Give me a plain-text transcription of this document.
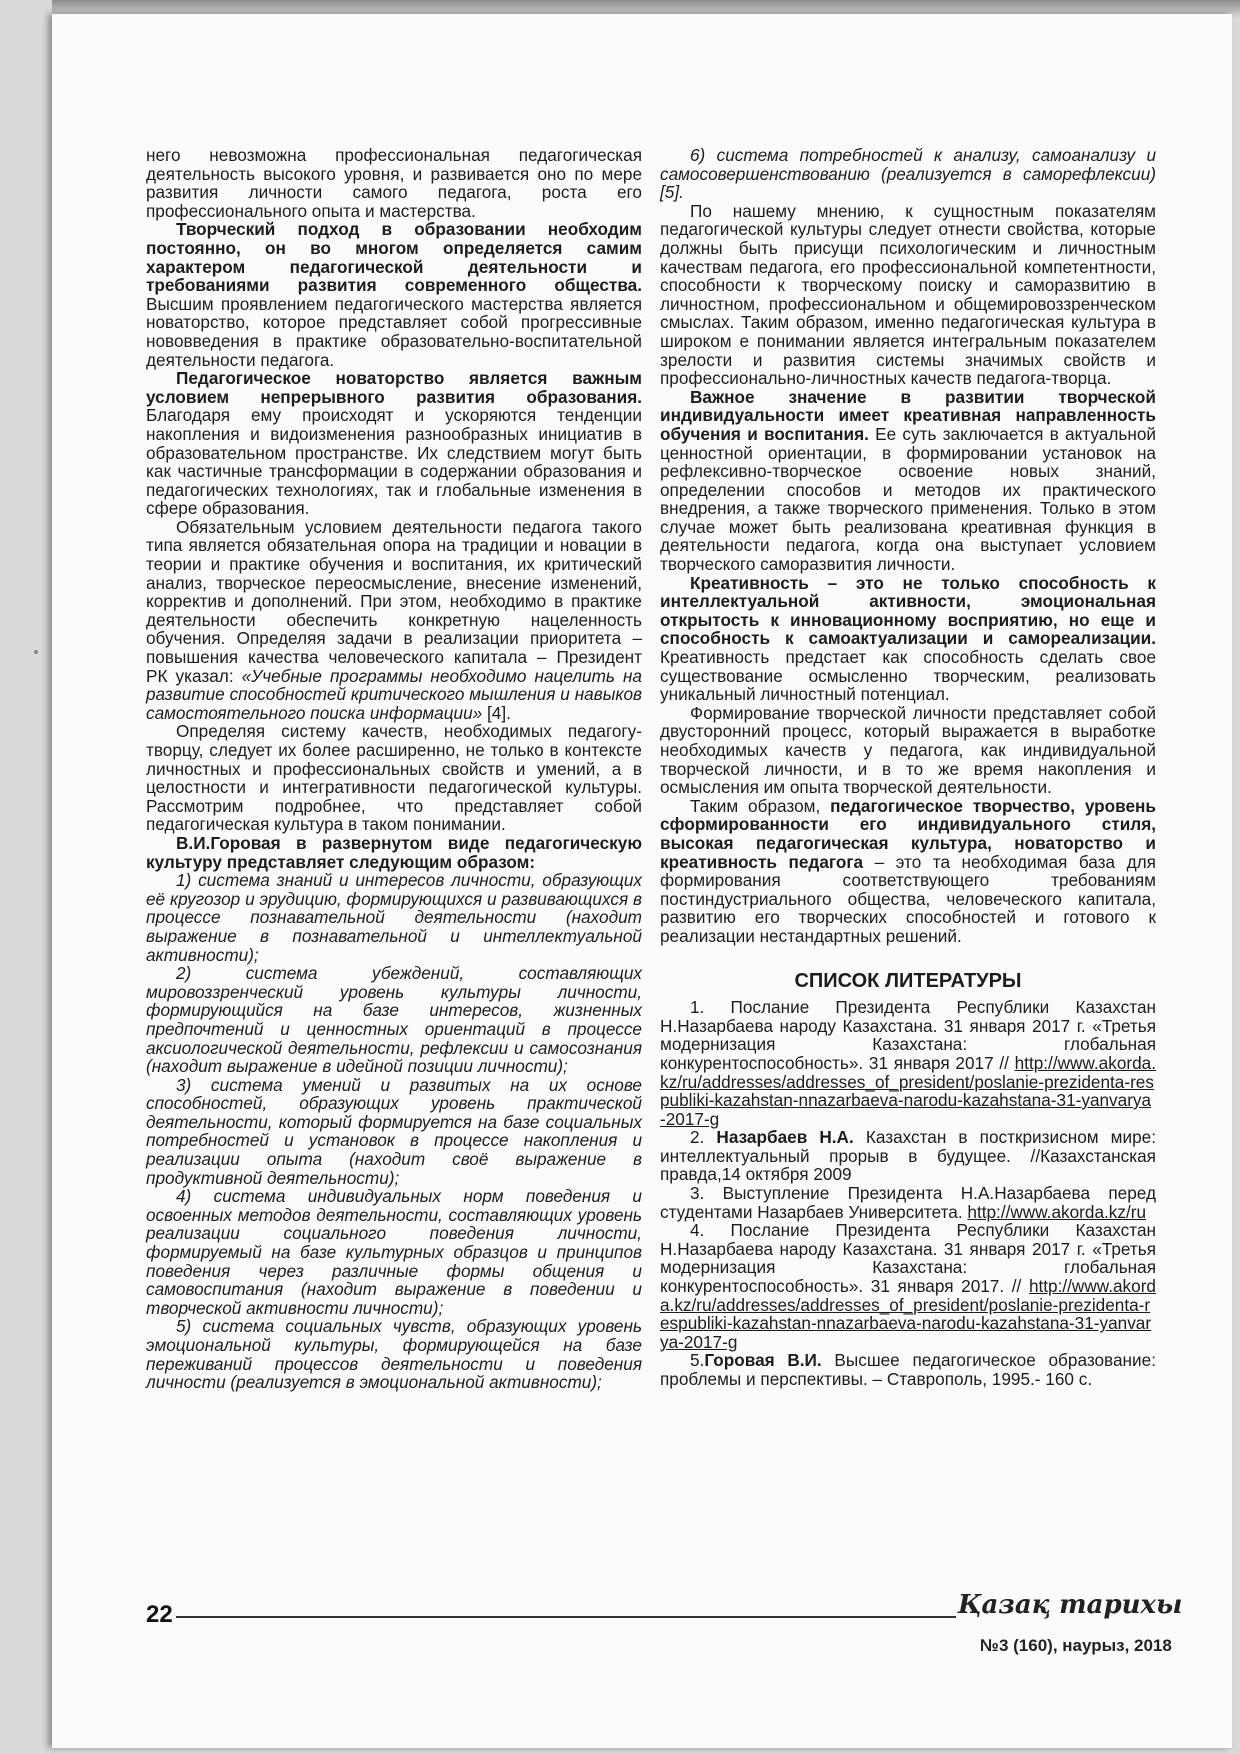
него невозможна профессиональная педагогическая деятельность высокого уровня, и развивается оно по мере развития личности самого педагога, роста его профессионального опыта и мастерства.

Творческий подход в образовании необходим постоянно, он во многом определяется самим характером педагогической деятельности и требованиями развития современного общества. Высшим проявлением педагогического мастерства является новаторство, которое представляет собой прогрессивные нововведения в практике образовательно-воспитательной деятельности педагога.

Педагогическое новаторство является важным условием непрерывного развития образования. Благодаря ему происходят и ускоряются тенденции накопления и видоизменения разнообразных инициатив в образовательном пространстве. Их следствием могут быть как частичные трансформации в содержании образования и педагогических технологиях, так и глобальные изменения в сфере образования.

Обязательным условием деятельности педагога такого типа является обязательная опора на традиции и новации в теории и практике обучения и воспитания, их критический анализ, творческое переосмысление, внесение изменений, корректив и дополнений. При этом, необходимо в практике деятельности обеспечить конкретную нацеленность обучения. Определяя задачи в реализации приоритета – повышения качества человеческого капитала – Президент РК указал: «Учебные программы необходимо нацелить на развитие способностей критического мышления и навыков самостоятельного поиска информации» [4].

Определяя систему качеств, необходимых педагогу-творцу, следует их более расширенно, не только в контексте личностных и профессиональных свойств и умений, а в целостности и интегративности педагогической культуры. Рассмотрим подробнее, что представляет собой педагогическая культура в таком понимании.

В.И.Горовая в развернутом виде педагогическую культуру представляет следующим образом:

1) система знаний и интересов личности, образующих её кругозор и эрудицию, формирующихся и развивающихся в процессе познавательной деятельности (находит выражение в познавательной и интеллектуальной активности);

2) система убеждений, составляющих мировоззренческий уровень культуры личности, формирующийся на базе интересов, жизненных предпочтений и ценностных ориентаций в процессе аксиологической деятельности, рефлексии и самосознания (находит выражение в идейной позиции личности);

3) система умений и развитых на их основе способностей, образующих уровень практической деятельности, который формируется на базе социальных потребностей и установок в процессе накопления и реализации опыта (находит своё выражение в продуктивной деятельности);

4) система индивидуальных норм поведения и освоенных методов деятельности, составляющих уровень реализации социального поведения личности, формируемый на базе культурных образцов и принципов поведения через различные формы общения и самовоспитания (находит выражение в поведении и творческой активности личности);

5) система социальных чувств, образующих уровень эмоциональной культуры, формирующейся на базе переживаний процессов деятельности и поведения личности (реализуется в эмоциональной активности);

6) система потребностей к анализу, самоанализу и самосовершенствованию (реализуется в саморефлексии) [5].

По нашему мнению, к сущностным показателям педагогической культуры следует отнести свойства, которые должны быть присущи психологическим и личностным качествам педагога, его профессиональной компетентности, способности к творческому поиску и саморазвитию в личностном, профессиональном и общемировоззренческом смыслах. Таким образом, именно педагогическая культура в широком е понимании является интегральным показателем зрелости и развития системы значимых свойств и профессионально-личностных качеств педагога-творца.

Важное значение в развитии творческой индивидуальности имеет креативная направленность обучения и воспитания. Ее суть заключается в актуальной ценностной ориентации, в формировании установок на рефлексивно-творческое освоение новых знаний, определении способов и методов их практического внедрения, а также творческого применения. Только в этом случае может быть реализована креативная функция в деятельности педагога, когда она выступает условием творческого саморазвития личности.

Креативность – это не только способность к интеллектуальной активности, эмоциональная открытость к инновационному восприятию, но еще и способность к самоактуализации и самореализации. Креативность предстает как способность сделать свое существование осмысленно творческим, реализовать уникальный личностный потенциал.

Формирование творческой личности представляет собой двусторонний процесс, который выражается в выработке необходимых качеств у педагога, как индивидуальной творческой личности, и в то же время накопления и осмысления им опыта творческой деятельности.

Таким образом, педагогическое творчество, уровень сформированности его индивидуального стиля, высокая педагогическая культура, новаторство и креативность педагога – это та необходимая база для формирования соответствующего требованиям постиндустриального общества, человеческого капитала, развитию его творческих способностей и готового к реализации нестандартных решений.

СПИСОК ЛИТЕРАТУРЫ

1. Послание Президента Республики Казахстан Н.Назарбаева народу Казахстана. 31 января 2017 г. «Третья модернизация Казахстана: глобальная конкурентоспособность». 31 января 2017 // http://www.akorda.kz/ru/addresses/addresses_of_president/poslanie-prezidenta-respubliki-kazahstan-nnazarbaeva-narodu-kazahstana-31-yanvarya-2017-g

2. Назарбаев Н.А. Казахстан в посткризисном мире: интеллектуальный прорыв в будущее. //Казахстанская правда,14 октября 2009

3. Выступление Президента Н.А.Назарбаева перед студентами Назарбаев Университета. http://www.akorda.kz/ru

4. Послание Президента Республики Казахстан Н.Назарбаева народу Казахстана. 31 января 2017 г. «Третья модернизация Казахстана: глобальная конкурентоспособность». 31 января 2017. // http://www.akorda.kz/ru/addresses/addresses_of_president/poslanie-prezidenta-respubliki-kazahstan-nnazarbaeva-narodu-kazahstana-31-yanvarya-2017-g

5.Горовая В.И. Высшее педагогическое образование: проблемы и перспективы. – Ставрополь, 1995.- 160 с.

22	Қазақ тарихы
№3 (160), наурыз, 2018
